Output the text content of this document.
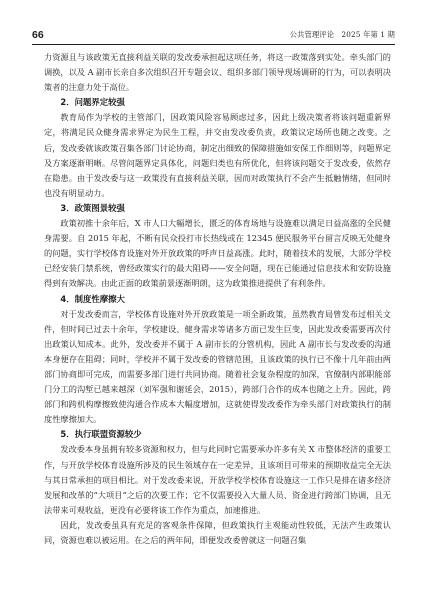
66	公共管理评论　2025 年第 1 期
力资源且与该政策无直接利益关联的发改委承担起这项任务，将这一政策落到实处。牵头部门的调换，以及 A 副市长亲自多次组织召开专题会议、组织多部门领导现场调研的行为，可以表明决策者的注意力处于高位。
2．问题界定较强
教育局作为学校的主管部门，因政策风险容易顾虑过多，因此上级决策者将该问题重新界定，将满足民众健身需求界定为民生工程，并交由发改委负责，政策议定场所也随之改变。之后，发改委就该政策召集各部门讨论协商，制定出细致的保障措施如安保工作细则等，问题界定及方案逐渐明晰。尽管问题界定具体化，问题归类也有所优化，但将该问题交于发改委，依然存在隐患。由于发改委与这一政策没有直接利益关联，因而对政策执行不会产生抵触情绪，但同时也没有明显动力。
3．政策图景较强
政策初推十余年后，X 市人口大幅增长，匮乏的体育场地与设施难以满足日益高涨的全民健身需要。自 2015 年起，不断有民众投打市长热线或在 12345 便民服务平台留言反映无处健身的问题，实行学校体育设施对外开放政策的呼声日益高涨。此时，随着技术的发展，大部分学校已经安装门禁系统，曾经政策实行的最大阻碍——安全问题，现在已能通过信息技术和安防设施得到有效解决。由此正面的政策前景逐渐明朗，这为政策推进提供了有利条件。
4．制度性摩擦大
对于发改委而言，学校体育设施对外开放政策是一项全新政策，虽然教育局曾发布过相关文件，但时间已过去十余年，学校建设、健身需求等诸多方面已发生巨变，因此发改委需要再次付出政策认知成本。此外，发改委并不属于 A 副市长的分管机构，因此 A 副市长与发改委的沟通本身便存在阻碍；同时，学校并不属于发改委的管辖范围，且该政策的执行已不像十几年前由两部门协商即可完成，而需要多部门进行共同协商。随着社会复杂程度的加深，官僚制内部职能部门分工的沟堑已越来越深（刘军强和谢延会，2015），跨部门合作的成本也随之上升。因此，跨部门和跨机构摩擦致使沟通合作成本大幅度增加，这就使得发改委作为牵头部门对政策执行的制度性摩擦加大。
5．执行联盟资源较少
发改委本身虽拥有较多资源和权力，但与此同时它需要承办许多有关 X 市整体经济的重要工作，与开放学校体育设施所涉及的民生领域存在一定差异，且该项目可带来的预期收益完全无法与其日常承担的项目相比。对于发改委来说，开放学校学校体育设施这一工作只是排在诸多经济发展和改革的“大项目”之后的次要工作；它不仅需要投入大量人员、资金进行跨部门协调，且无法带来可观收益，更没有必要将该工作作为重点，加速推进。
因此，发改委虽具有充足的客观条件保障，但政策执行主观能动性较低，无法产生政策认同，资源也难以被运用。在之后的两年间，即便发改委曾就这一问题召集
